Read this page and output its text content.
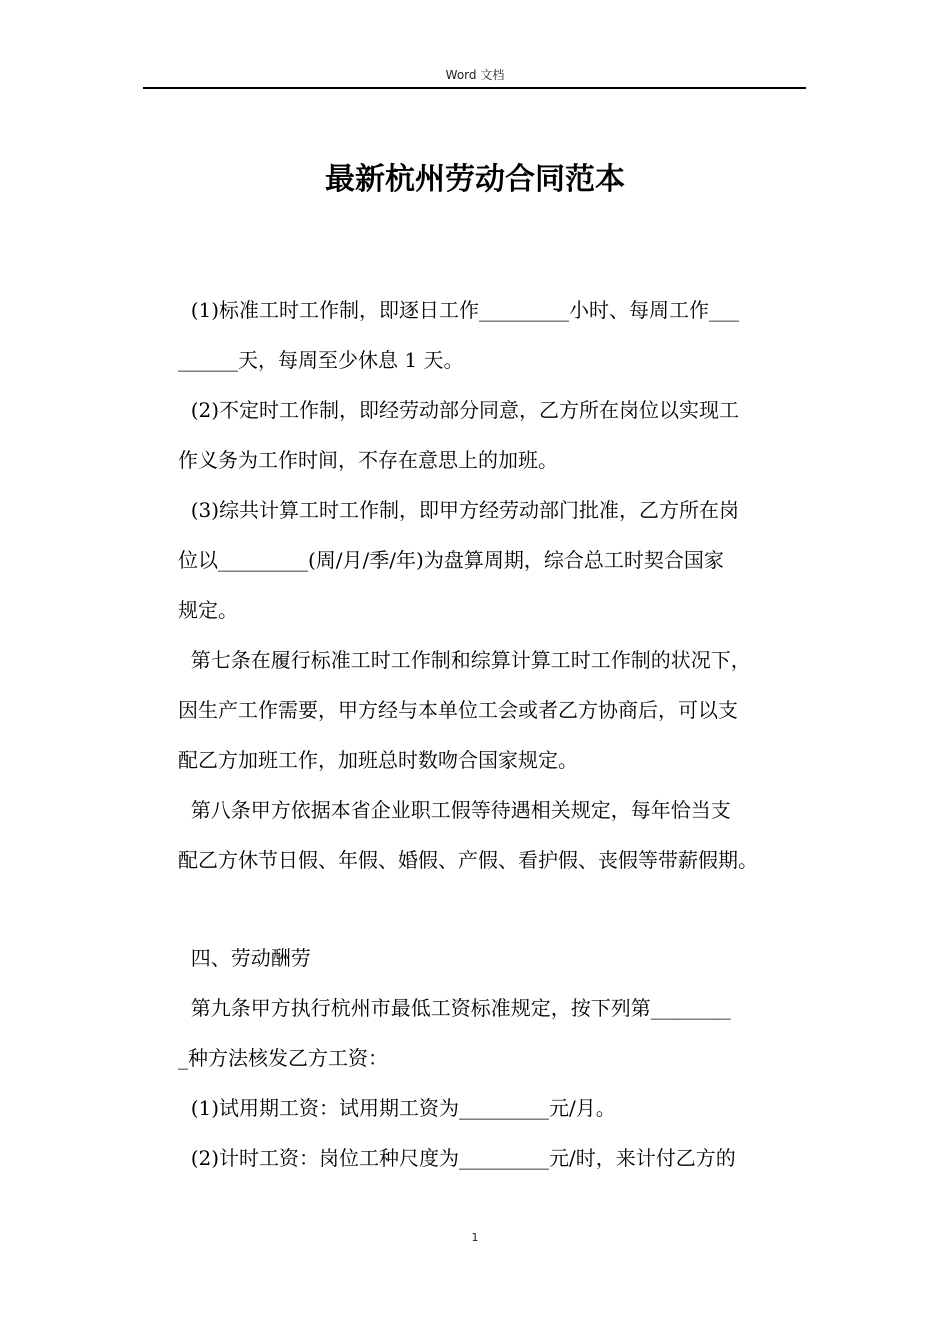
Word 文档
最新杭州劳动合同范本
(1)标准工时工作制，即逐日工作_________小时、每周工作___
______天，每周至少休息 1 天。
(2)不定时工作制，即经劳动部分同意，乙方所在岗位以实现工
作义务为工作时间，不存在意思上的加班。
(3)综共计算工时工作制，即甲方经劳动部门批准，乙方所在岗
位以_________(周/月/季/年)为盘算周期，综合总工时契合国家
规定。
第七条在履行标准工时工作制和综算计算工时工作制的状况下，
因生产工作需要，甲方经与本单位工会或者乙方协商后，可以支
配乙方加班工作，加班总时数吻合国家规定。
第八条甲方依据本省企业职工假等待遇相关规定，每年恰当支
配乙方休节日假、年假、婚假、产假、看护假、丧假等带薪假期。
四、劳动酬劳
第九条甲方执行杭州市最低工资标准规定，按下列第________
_种方法核发乙方工资：
(1)试用期工资：试用期工资为_________元/月。
(2)计时工资：岗位工种尺度为_________元/时，来计付乙方的
1
